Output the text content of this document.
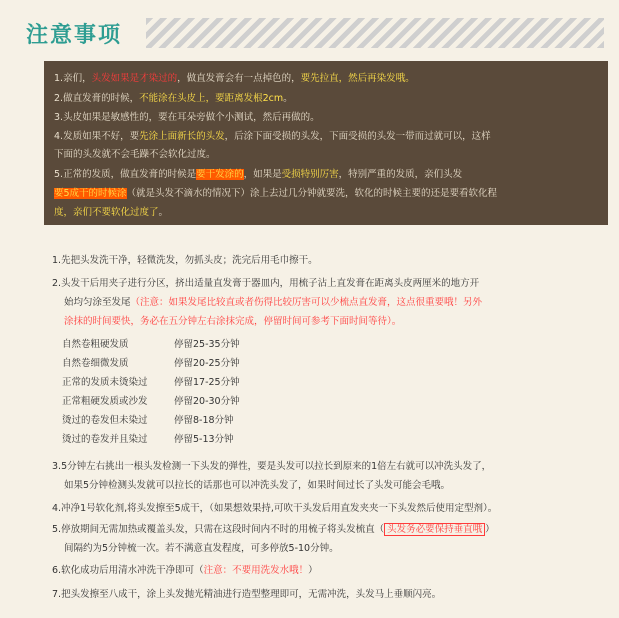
注意事项
1.亲们，头发如果是才染过的，做直发膏会有一点掉色的，要先拉直，然后再染发哦。
2.做直发膏的时候，不能涂在头皮上，要距离发根2cm。
3.头皮如果是敏感性的，要在耳朵旁做个小测试，然后再做的。
4.发质如果不好，要先涂上面新长的头发，后涂下面受损的头发，下面受损的头发一带而过就可以，这样
下面的头发就不会毛躁不会软化过度。
5.正常的发质，做直发膏的时候是要干发涂的，如果是受损特别厉害，特别严重的发质，亲们头发
要5成干的时候涂（就是头发不滴水的情况下）涂上去过几分钟就要洗，软化的时候主要的还是要看软化程
度，亲们不要软化过度了。
1.先把头发洗干净，轻微洗发，勿抓头皮；洗完后用毛巾擦干。
2.头发干后用夹子进行分区，挤出适量直发膏于器皿内，用梳子沾上直发膏在距离头皮两厘米的地方开
始均匀涂至发尾（注意：如果发尾比较直或者伤得比较厉害可以少梳点直发膏，这点很重要哦！另外
涂抹的时间要快，务必在五分钟左右涂抹完成，停留时间可参考下面时间等待）。
3.5分钟左右挑出一根头发检测一下头发的弹性，要是头发可以拉长到原来的1倍左右就可以冲洗头发了，
如果5分钟检测头发就可以拉长的话那也可以冲洗头发了，如果时间过长了头发可能会毛哦。
4.冲净1号软化剂,将头发擦至5成干，（如果想效果持,可吹干头发后用直发夹夹一下头发然后使用定型剂）。
5.停放期间无需加热或覆盖头发，只需在这段时间内不时的用梳子将头发梳直（ 头发务必要保持垂直哦 ）
间隔约为5分钟梳一次。若不满意直发程度，可多停放5-10分钟。
6.软化成功后用清水冲洗干净即可（注意：不要用洗发水哦！）
7.把头发擦至八成干，涂上头发抛光精油进行造型整理即可，无需冲洗，头发马上垂顺闪亮。
自然卷粗硬发质	停留25-35分钟
自然卷细微发质	停留20-25分钟
正常的发质未烫染过	停留17-25分钟
正常粗硬发质或沙发	停留20-30分钟
烫过的卷发但未染过	停留8-18分钟
烫过的卷发并且染过	停留5-13分钟
